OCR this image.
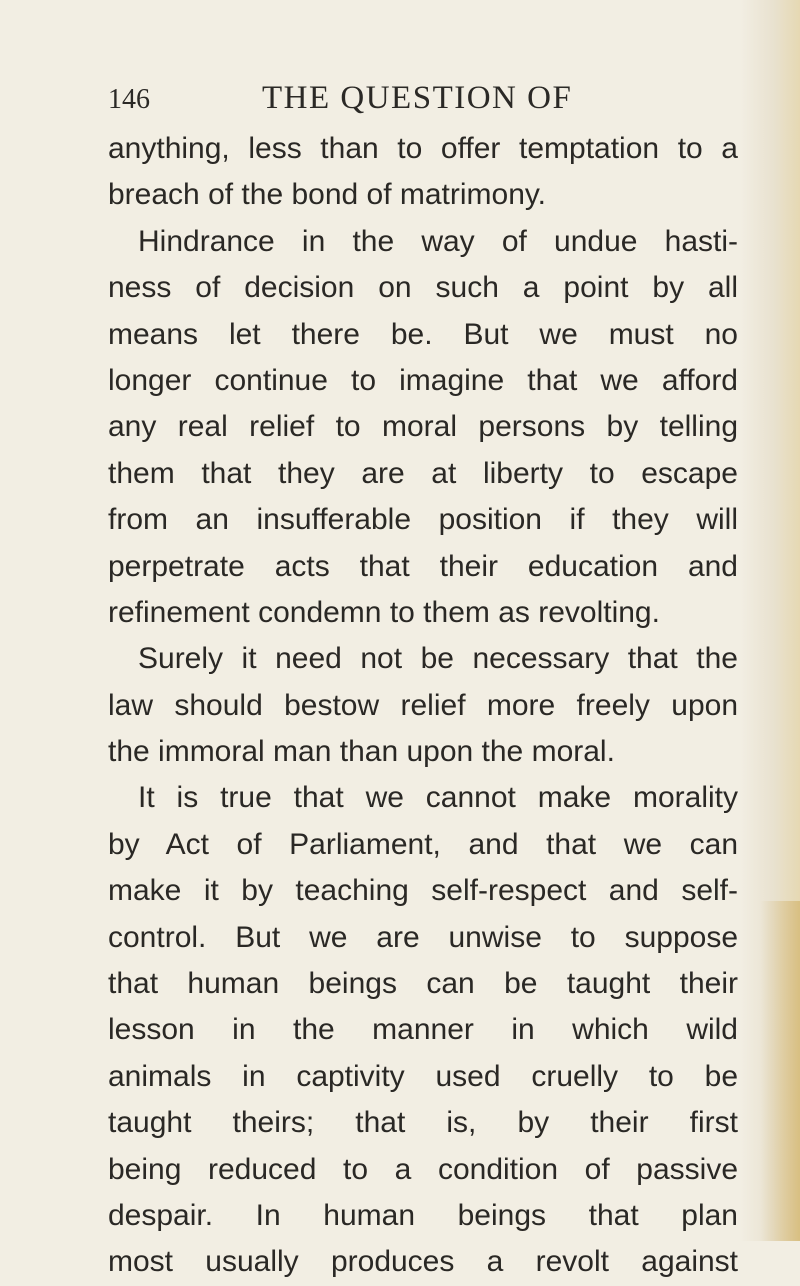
146	THE QUESTION OF
anything, less than to offer temptation to a
breach of the bond of matrimony.
Hindrance in the way of undue hasti-
ness of decision on such a point by all
means let there be. But we must no
longer continue to imagine that we afford
any real relief to moral persons by telling
them that they are at liberty to escape
from an insufferable position if they will
perpetrate acts that their education and
refinement condemn to them as revolting.
Surely it need not be necessary that the
law should bestow relief more freely upon
the immoral man than upon the moral.
It is true that we cannot make morality
by Act of Parliament, and that we can
make it by teaching self-respect and self-
control. But we are unwise to suppose
that human beings can be taught their
lesson in the manner in which wild
animals in captivity used cruelly to be
taught theirs; that is, by their first
being reduced to a condition of passive
despair. In human beings that plan
most usually produces a revolt against
